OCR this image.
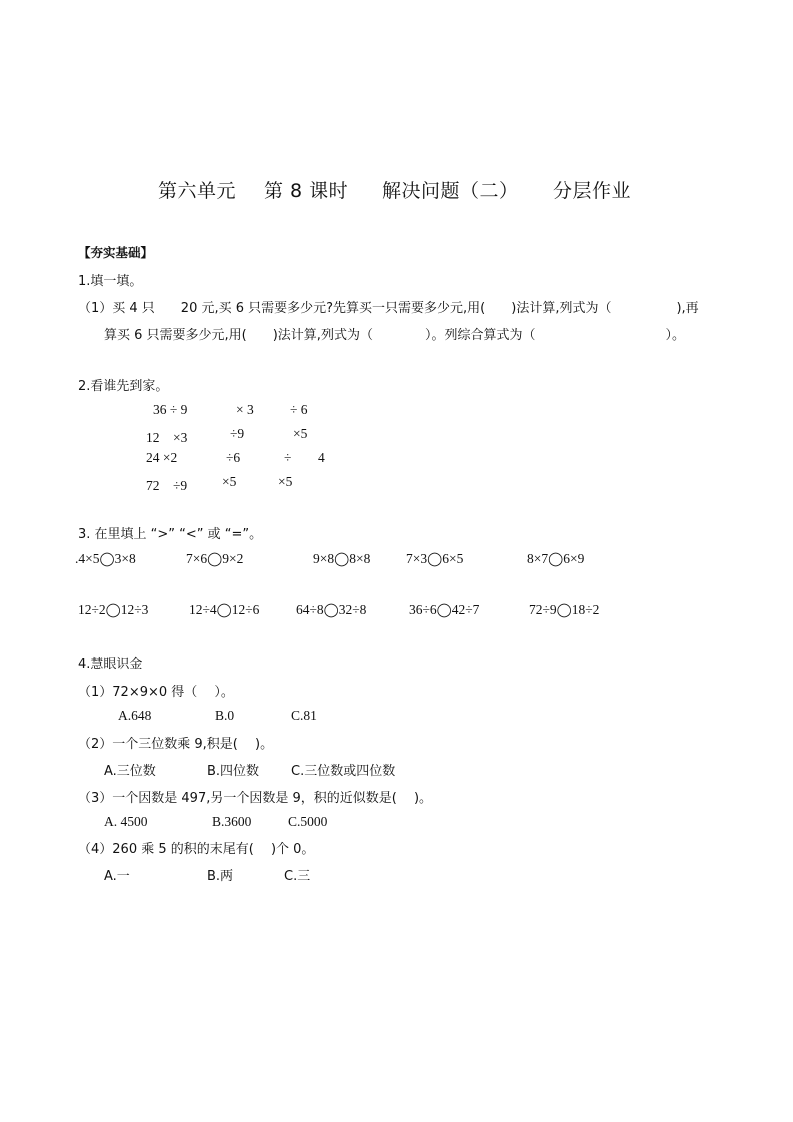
第六单元 第 8 课时 解决问题（二） 分层作业
【夯实基础】
1.填一填。
（1）买 4 只　　20 元,买 6 只需要多少元?先算买一只需要多少元,用(　　)法计算,列式为（　　　　　),再
算买 6 只需要多少元,用(　　)法计算,列式为（　　　　）。列综合算式为（　　　　　　　　　　）。
2.看谁先到家。
36 ÷ 9	× 3	÷ 6
12　×3	÷9	×5
24 ×2	÷6	÷ 4
72　÷9	×5	×5
3. 在里填上 “>” “<” 或 “=”。
.4×5◯3×8	7×6◯9×2	9×8◯8×8	7×3◯6×5	8×7◯6×9
12÷2◯12÷3	12÷4◯12÷6	64÷8◯32÷8	36÷6◯42÷7	72÷9◯18÷2
4.慧眼识金
（1）72×9×0 得（　 ）。
A.648	B.0	C.81
（2）一个三位数乘 9,积是(　 )。
A.三位数	B.四位数 C.三位数或四位数
（3）一个因数是 497,另一个因数是 9，积的近似数是(　 )。
A. 4500	B.3600	C.5000
（4）260 乘 5 的积的末尾有(　 )个 0。
A.一	B.两	C.三
